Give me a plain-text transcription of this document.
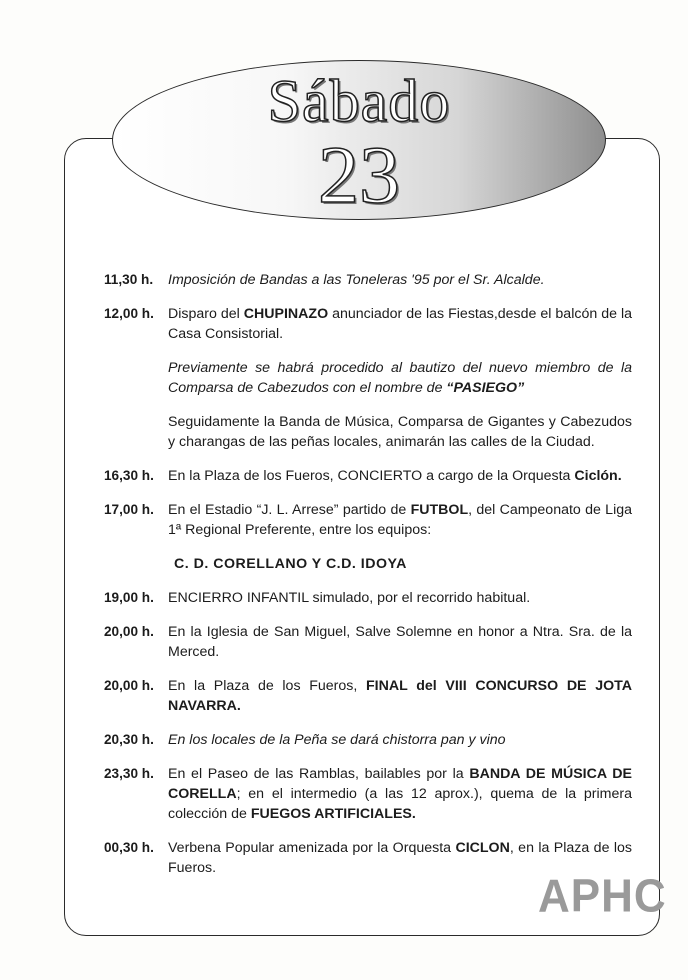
Sábado
23
11,30 h.	Imposición de Bandas a las Toneleras '95 por el Sr. Alcalde.
12,00 h. Disparo del CHUPINAZO anunciador de las Fiestas,desde el balcón de la Casa Consistorial.
Previamente se habrá procedido al bautizo del nuevo miembro de la Comparsa de Cabezudos con el nombre de “PASIEGO”
Seguidamente la Banda de Música, Comparsa de Gigantes y Cabezudos y charangas de las peñas locales, animarán las calles de la Ciudad.
16,30 h. En la Plaza de los Fueros, CONCIERTO a cargo de la Orquesta Ciclón.
17,00 h. En el Estadio “J. L. Arrese” partido de FUTBOL, del Campeonato de Liga 1ª Regional Preferente, entre los equipos:
C. D. CORELLANO Y C.D. IDOYA
19,00 h. ENCIERRO INFANTIL simulado, por el recorrido habitual.
20,00 h. En la Iglesia de San Miguel, Salve Solemne en honor a Ntra. Sra. de la Merced.
20,00 h. En la Plaza de los Fueros, FINAL del VIII CONCURSO DE JOTA NAVARRA.
20,30 h. En los locales de la Peña se dará chistorra pan y vino
23,30 h. En el Paseo de las Ramblas, bailables por la BANDA DE MÚSICA DE CORELLA; en el intermedio (a las 12 aprox.), quema de la primera colección de FUEGOS ARTIFICIALES.
00,30 h. Verbena Popular amenizada por la Orquesta CICLON, en la Plaza de los Fueros.
APHC
